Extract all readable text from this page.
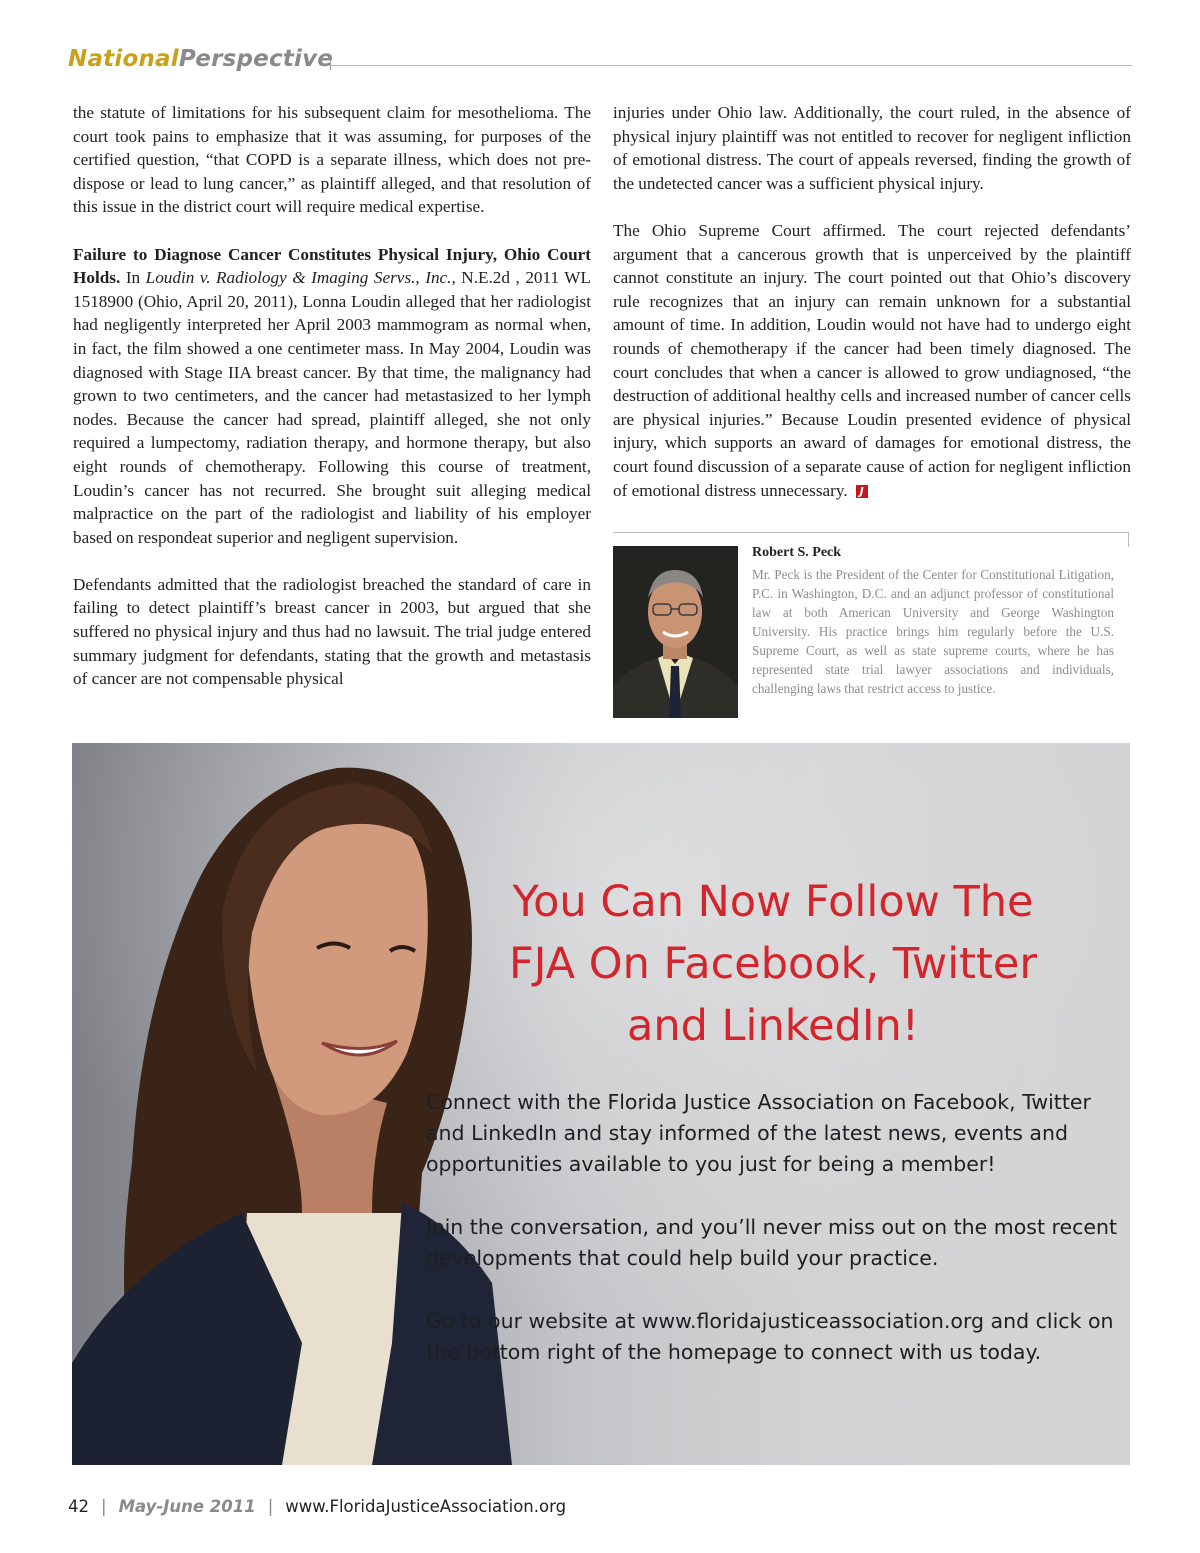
NationalPerspective

the statute of limitations for his subsequent claim for mesothelioma. The court took pains to emphasize that it was assuming, for purposes of the certified question, “that COPD is a separate illness, which does not pre-dispose or lead to lung cancer,” as plaintiff alleged, and that resolution of this issue in the district court will require medical expertise.

Failure to Diagnose Cancer Constitutes Physical Injury, Ohio Court Holds. In Loudin v. Radiology & Imaging Servs., Inc., N.E.2d , 2011 WL 1518900 (Ohio, April 20, 2011), Lonna Loudin alleged that her radiologist had negligently interpreted her April 2003 mammogram as normal when, in fact, the film showed a one centimeter mass. In May 2004, Loudin was diagnosed with Stage IIA breast cancer. By that time, the malignancy had grown to two centimeters, and the cancer had metastasized to her lymph nodes. Because the cancer had spread, plaintiff alleged, she not only required a lumpectomy, radiation therapy, and hormone therapy, but also eight rounds of chemotherapy. Following this course of treatment, Loudin’s cancer has not recurred. She brought suit alleging medical malpractice on the part of the radiologist and liability of his employer based on respondeat superior and negligent supervision.

Defendants admitted that the radiologist breached the standard of care in failing to detect plaintiff’s breast cancer in 2003, but argued that she suffered no physical injury and thus had no lawsuit. The trial judge entered summary judgment for defendants, stating that the growth and metastasis of cancer are not compensable physical

injuries under Ohio law. Additionally, the court ruled, in the absence of physical injury plaintiff was not entitled to recover for negligent infliction of emotional distress. The court of appeals reversed, finding the growth of the undetected cancer was a sufficient physical injury.

The Ohio Supreme Court affirmed. The court rejected defendants’ argument that a cancerous growth that is unperceived by the plaintiff cannot constitute an injury. The court pointed out that Ohio’s discovery rule recognizes that an injury can remain unknown for a substantial amount of time. In addition, Loudin would not have had to undergo eight rounds of chemotherapy if the cancer had been timely diagnosed. The court concludes that when a cancer is allowed to grow undiagnosed, “the destruction of additional healthy cells and increased number of cancer cells are physical injuries.” Because Loudin presented evidence of physical injury, which supports an award of damages for emotional distress, the court found discussion of a separate cause of action for negligent infliction of emotional distress unnecessary. J

Robert S. Peck
Mr. Peck is the President of the Center for Constitutional Litigation, P.C. in Washington, D.C. and an adjunct professor of constitutional law at both American University and George Washington University. His practice brings him regularly before the U.S. Supreme Court, as well as state supreme courts, where he has represented state trial lawyer associations and individuals, challenging laws that restrict access to justice.
You Can Now Follow The
FJA On Facebook, Twitter
and LinkedIn!

Connect with the Florida Justice Association on Facebook, Twitter and LinkedIn and stay informed of the latest news, events and opportunities available to you just for being a member!

Join the conversation, and you’ll never miss out on the most recent developments that could help build your practice.

Go to our website at www.floridajusticeassociation.org and click on the bottom right of the homepage to connect with us today.

42 | May-June 2011 | www.FloridaJusticeAssociation.org
